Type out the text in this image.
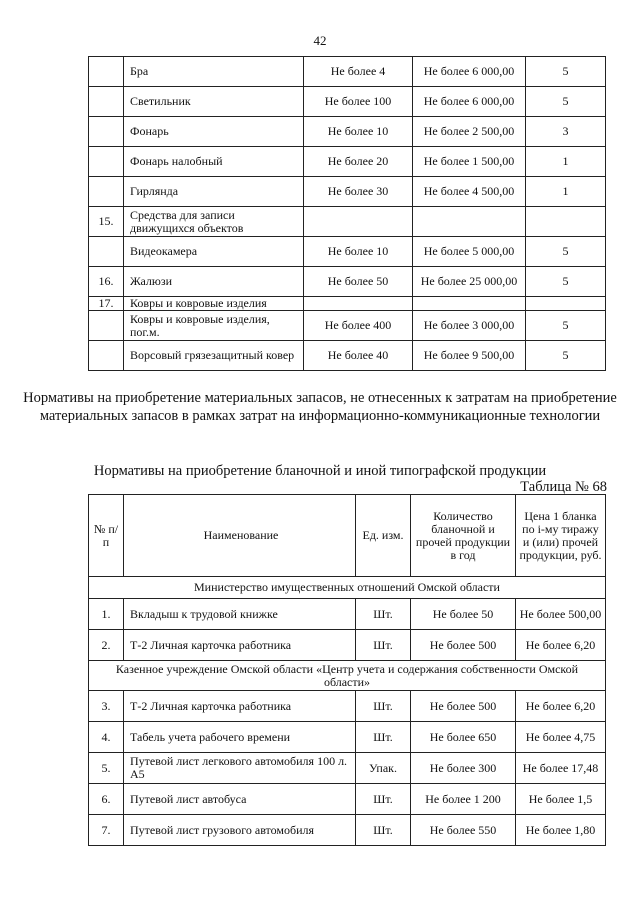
42
	Бра	Не более 4	Не более 6 000,00	5
	Светильник	Не более 100	Не более 6 000,00	5
	Фонарь	Не более 10	Не более 2 500,00	3
	Фонарь налобный	Не более 20	Не более 1 500,00	1
	Гирлянда	Не более 30	Не более 4 500,00	1
15.	Средства для записи движущихся объектов			
	Видеокамера	Не более 10	Не более 5 000,00	5
16.	Жалюзи	Не более 50	Не более 25 000,00	5
17.	Ковры и ковровые изделия			
	Ковры и ковровые изделия, пог.м.	Не более 400	Не более 3 000,00	5
	Ворсовый грязезащитный ковер	Не более 40	Не более 9 500,00	5
Нормативы на приобретение материальных запасов, не отнесенных к затратам на приобретение материальных запасов в рамках затрат на информационно-коммуникационные технологии
Нормативы на приобретение бланочной и иной типографской продукции
Таблица № 68
№ п/п	Наименование	Ед. изм.	Количество бланочной и прочей продукции в год	Цена 1 бланка по i-му тиражу и (или) прочей продукции, руб.
Министерство имущественных отношений Омской области				
1.	Вкладыш к трудовой книжке	Шт.	Не более 50	Не более 500,00
2.	Т-2 Личная карточка работника	Шт.	Не более 500	Не более 6,20
Казенное учреждение Омской области «Центр учета и содержания собственности Омской области»				
3.	Т-2 Личная карточка работника	Шт.	Не более 500	Не более 6,20
4.	Табель учета рабочего времени	Шт.	Не более 650	Не более 4,75
5.	Путевой лист легкового автомобиля 100 л. А5	Упак.	Не более 300	Не более 17,48
6.	Путевой лист автобуса	Шт.	Не более 1 200	Не более 1,5
7.	Путевой лист грузового автомобиля	Шт.	Не более 550	Не более 1,80
